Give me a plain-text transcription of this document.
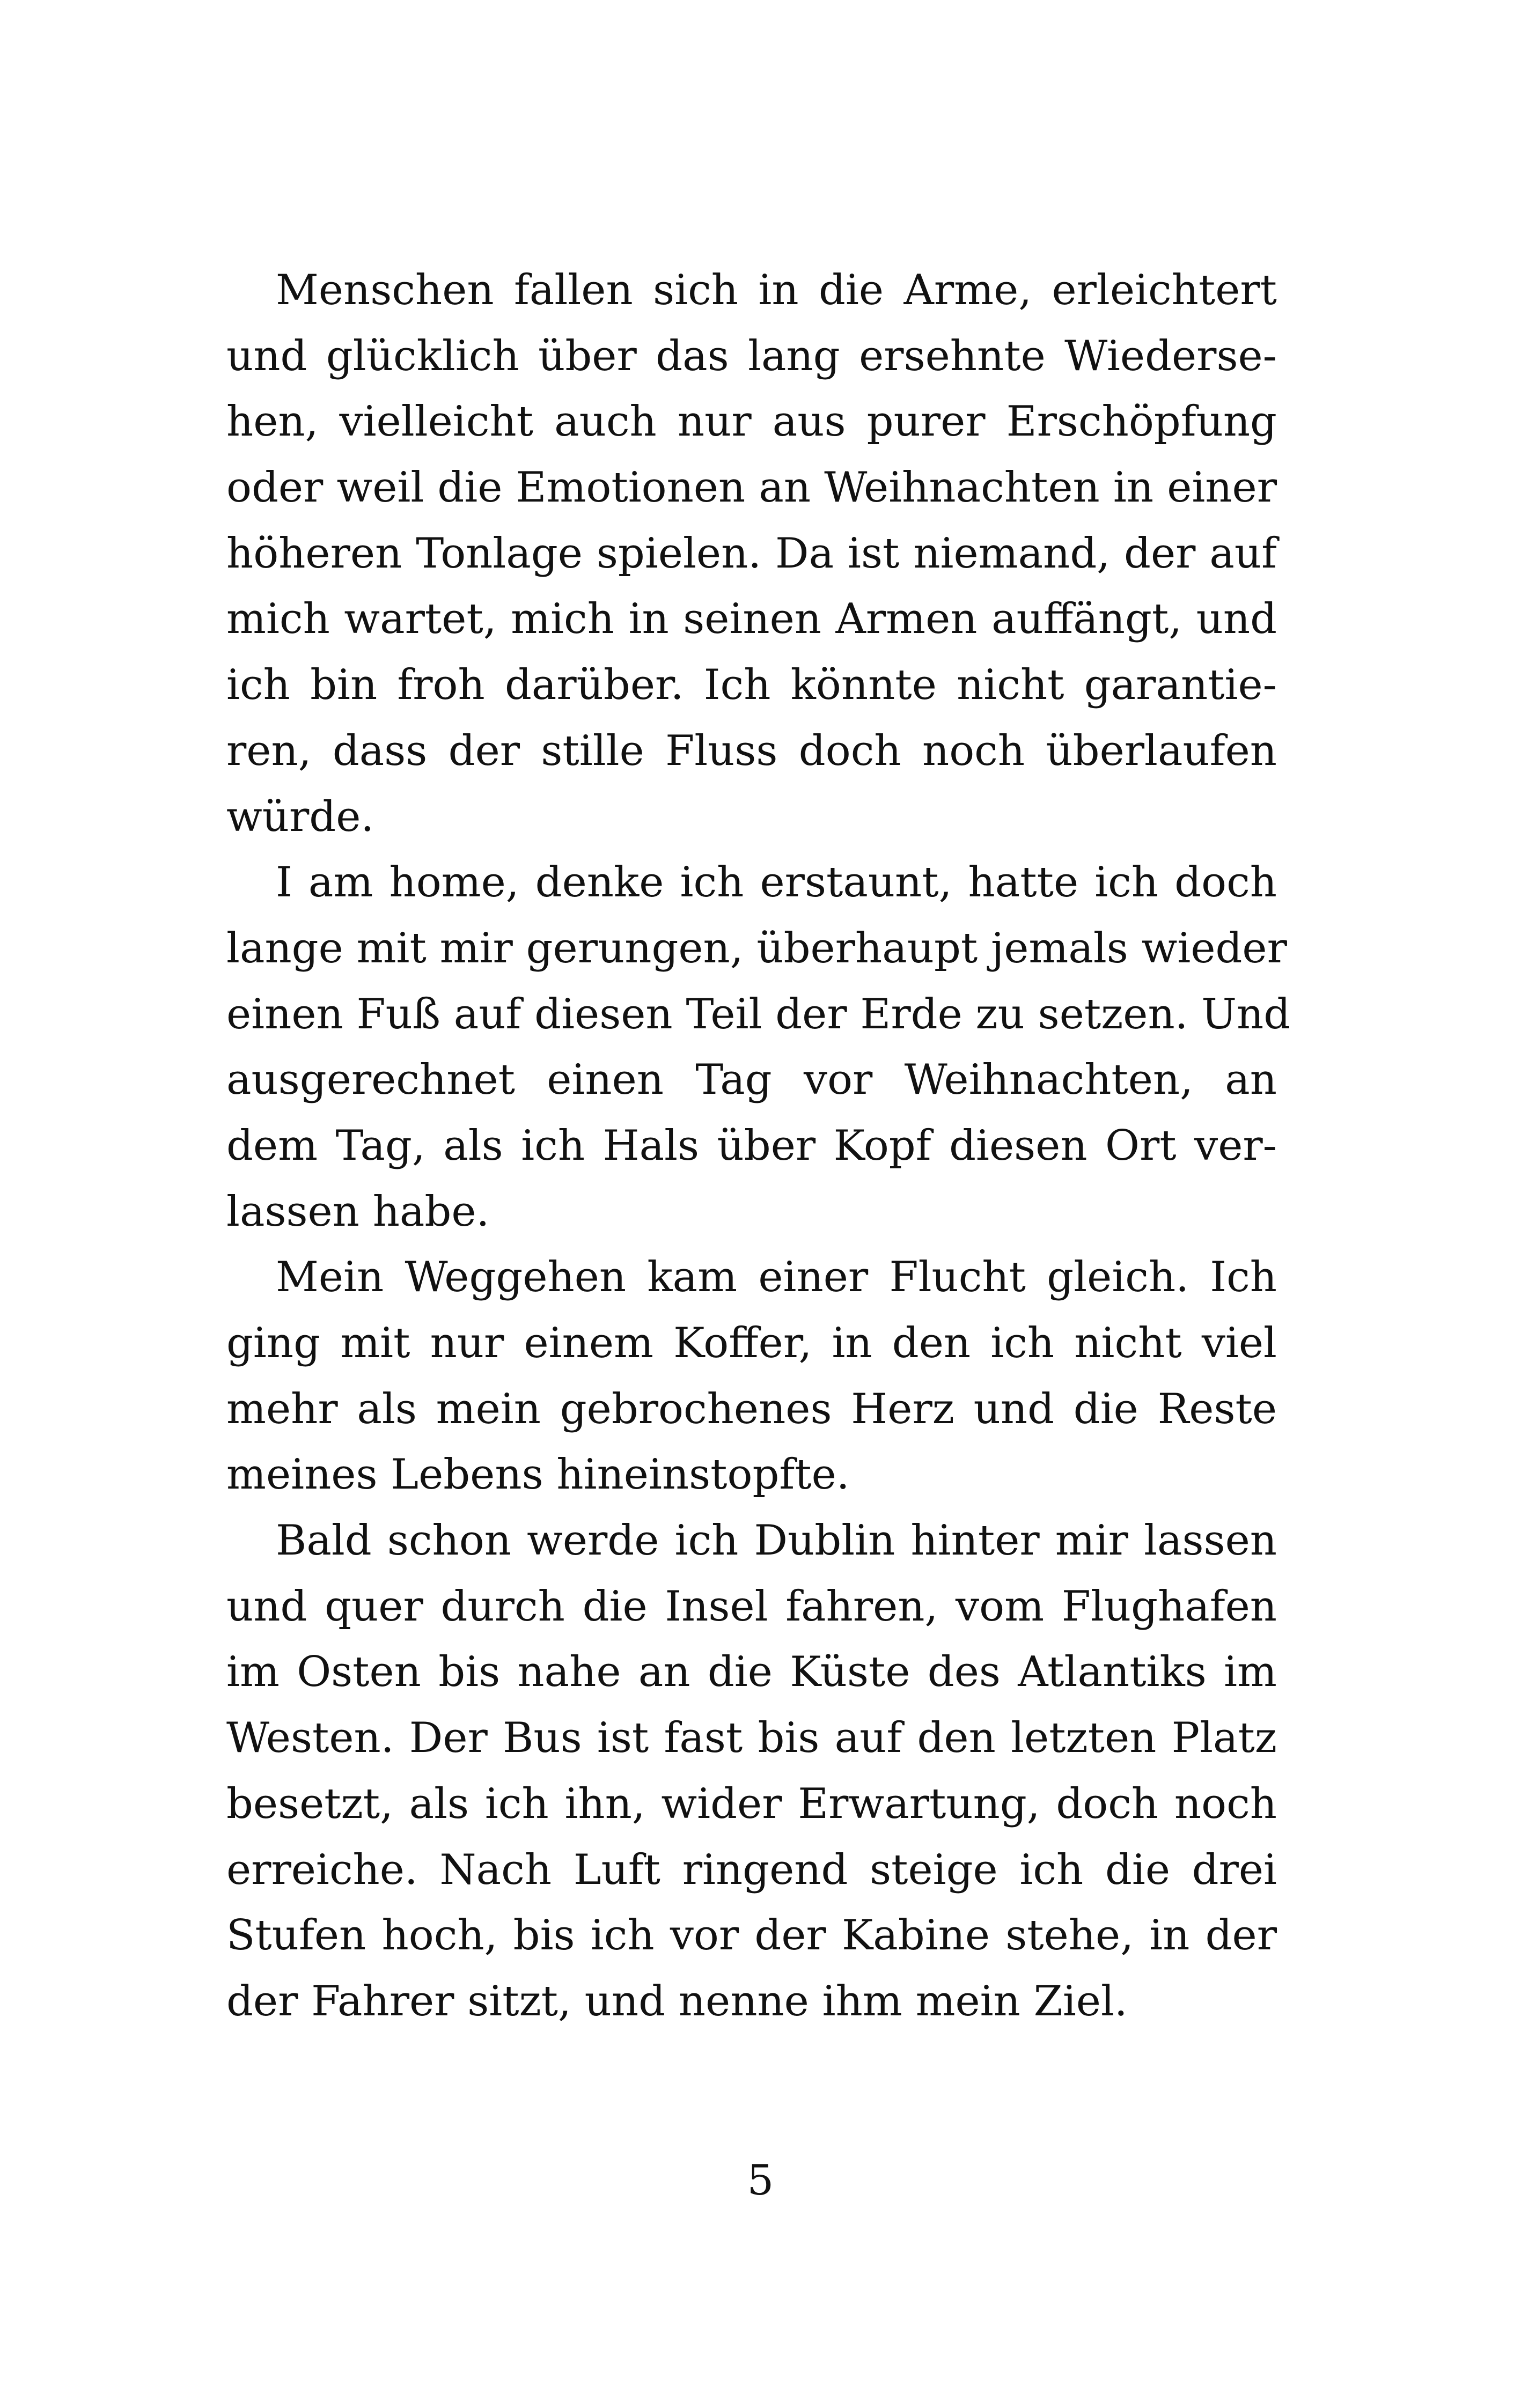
Menschen fallen sich in die Arme, erleichtert
und glücklich über das lang ersehnte Wiederse-
hen, vielleicht auch nur aus purer Erschöpfung
oder weil die Emotionen an Weihnachten in einer
höheren Tonlage spielen. Da ist niemand, der auf
mich wartet, mich in seinen Armen auffängt, und
ich bin froh darüber. Ich könnte nicht garantie-
ren, dass der stille Fluss doch noch überlaufen
würde.
I am home, denke ich erstaunt, hatte ich doch
lange mit mir gerungen, überhaupt jemals wieder
einen Fuß auf diesen Teil der Erde zu setzen. Und
ausgerechnet einen Tag vor Weihnachten, an
dem Tag, als ich Hals über Kopf diesen Ort ver-
lassen habe.
Mein Weggehen kam einer Flucht gleich. Ich
ging mit nur einem Koffer, in den ich nicht viel
mehr als mein gebrochenes Herz und die Reste
meines Lebens hineinstopfte.
Bald schon werde ich Dublin hinter mir lassen
und quer durch die Insel fahren, vom Flughafen
im Osten bis nahe an die Küste des Atlantiks im
Westen. Der Bus ist fast bis auf den letzten Platz
besetzt, als ich ihn, wider Erwartung, doch noch
erreiche. Nach Luft ringend steige ich die drei
Stufen hoch, bis ich vor der Kabine stehe, in der
der Fahrer sitzt, und nenne ihm mein Ziel.
5
